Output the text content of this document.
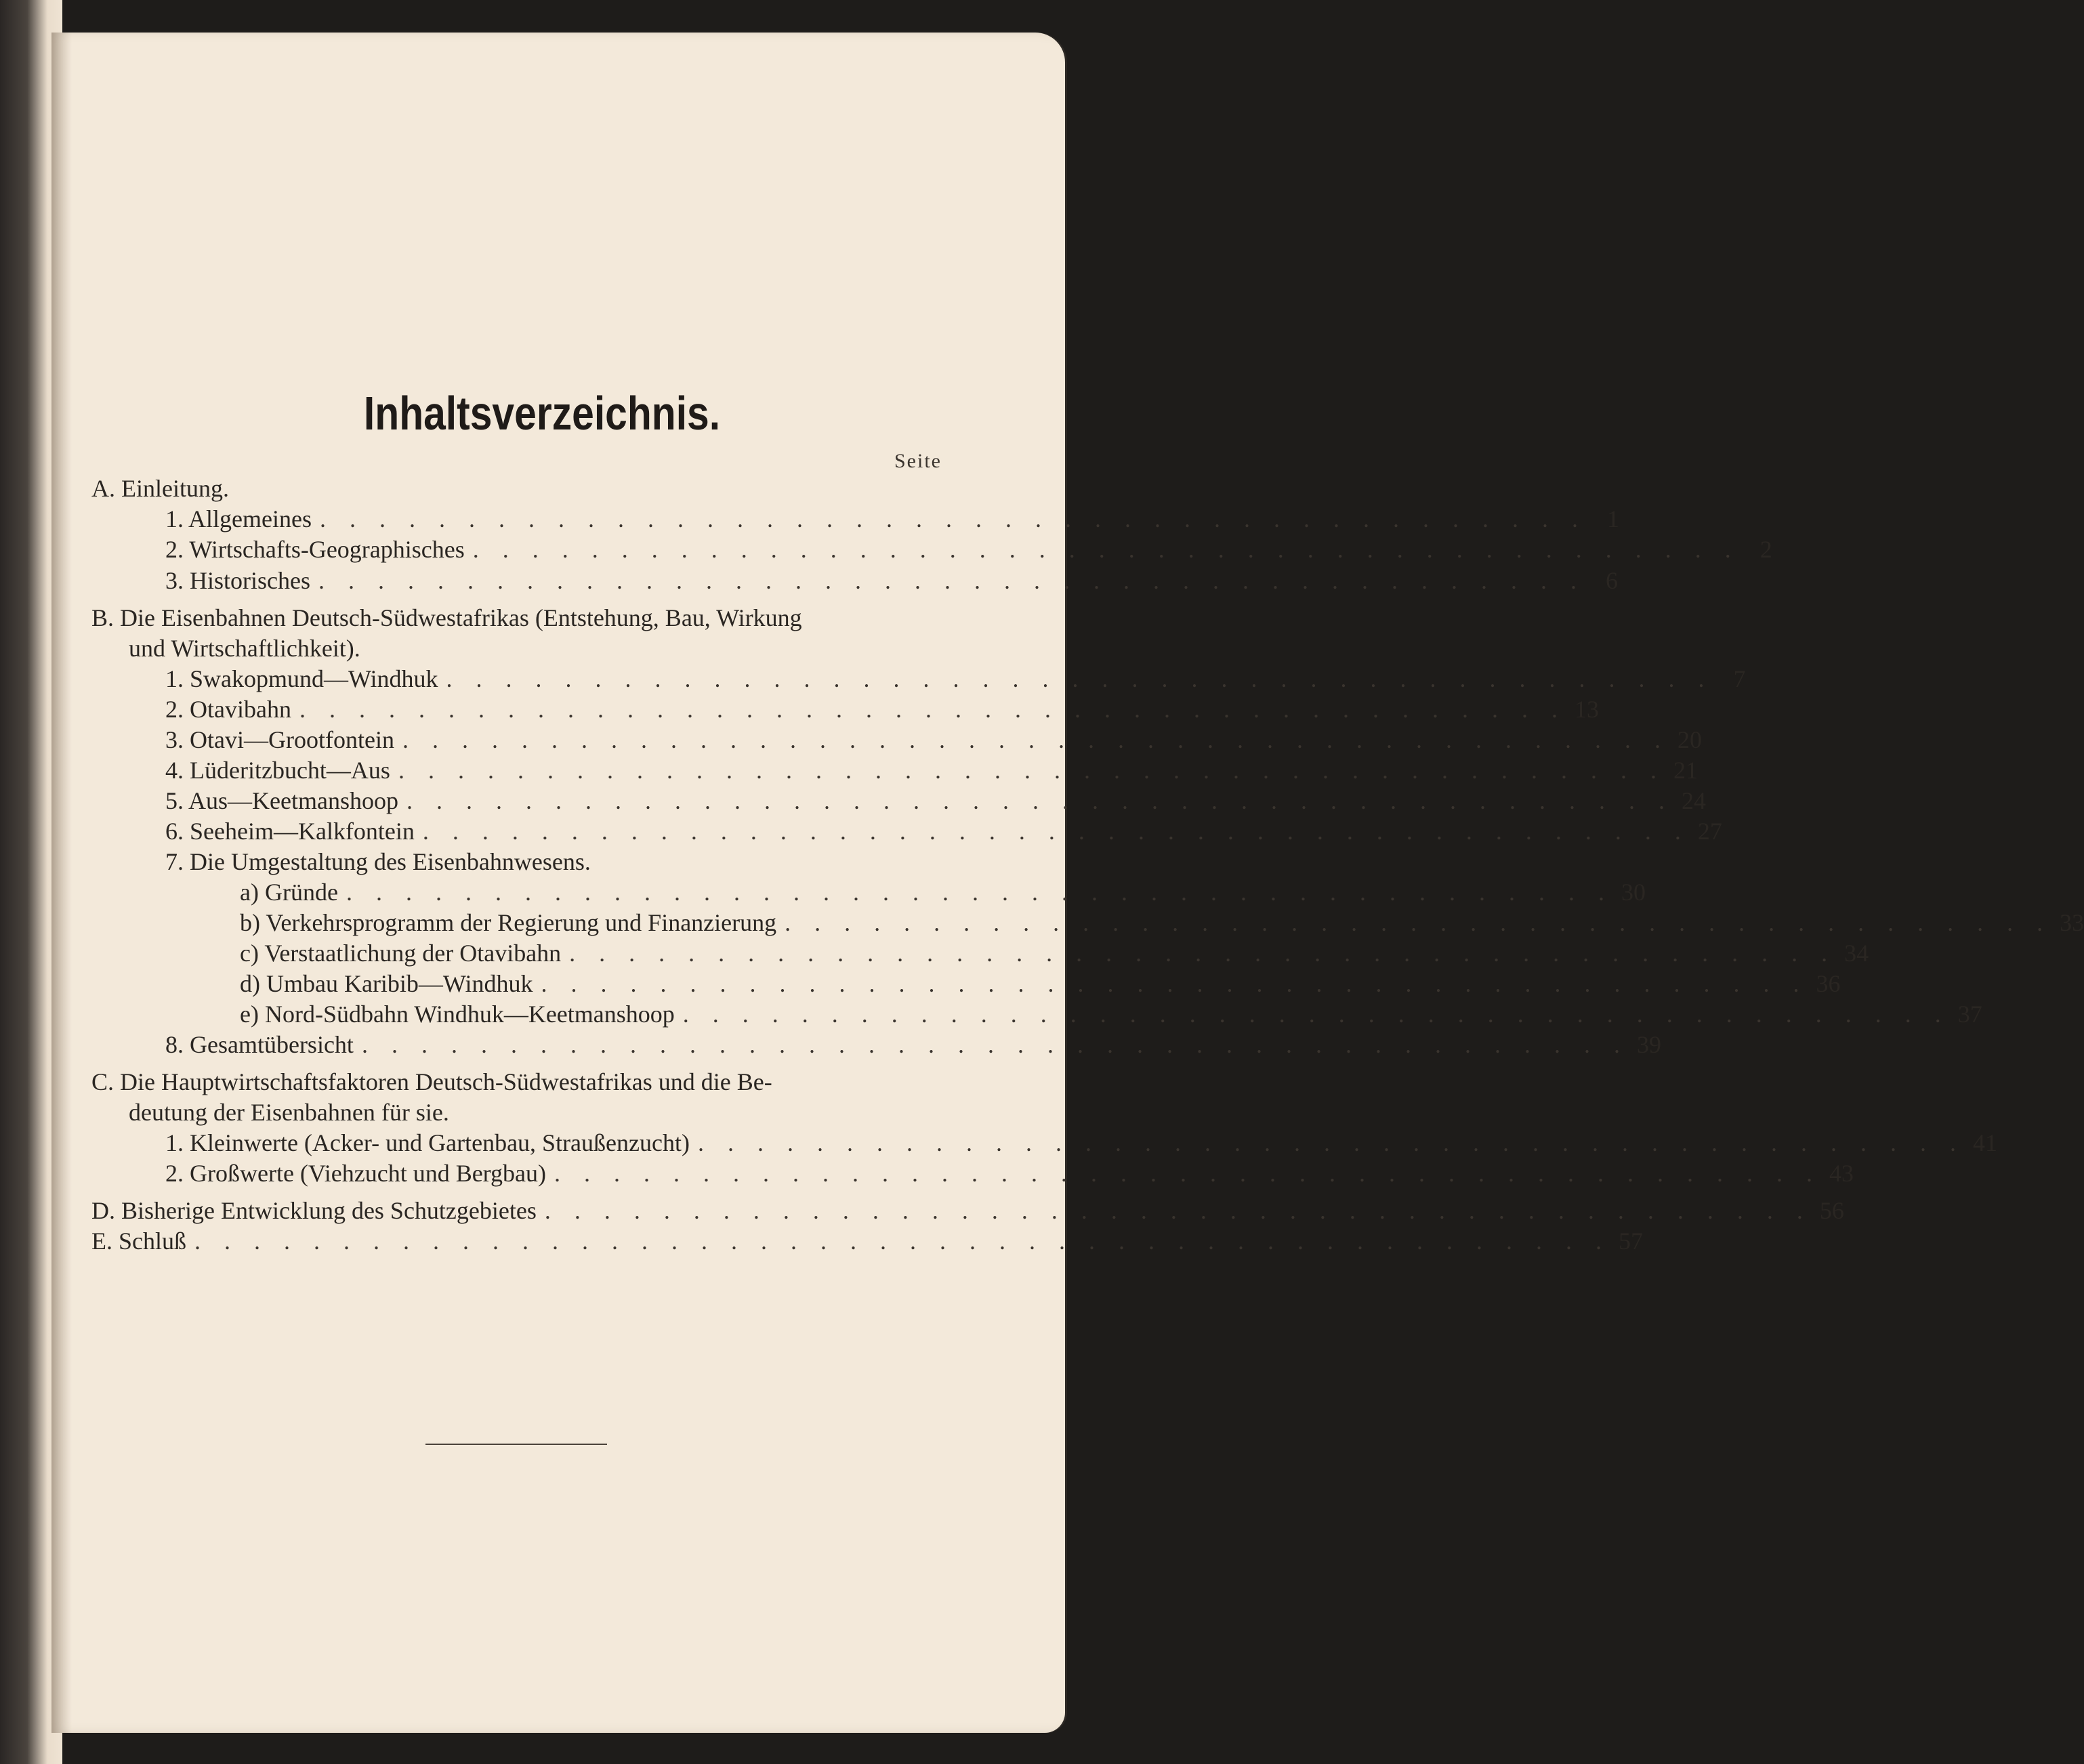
Inhaltsverzeichnis.
Seite
A. Einleitung.
1. Allgemeines . . . . . . . . . . . . . . . . . . . . . . . . . . . . . . . . . . . . . . . . . . . 1
2. Wirtschafts-Geographisches . . . . . . . . . . . . . . . . . . . . . . . . . . . . . . . . . . . . . . . . . . . 2
3. Historisches . . . . . . . . . . . . . . . . . . . . . . . . . . . . . . . . . . . . . . . . . . . 6
B. Die Eisenbahnen Deutsch-Südwestafrikas (Entstehung, Bau, Wirkung
und Wirtschaftlichkeit).
1. Swakopmund—Windhuk . . . . . . . . . . . . . . . . . . . . . . . . . . . . . . . . . . . . . . . . . . . 7
2. Otavibahn . . . . . . . . . . . . . . . . . . . . . . . . . . . . . . . . . . . . . . . . . . . 13
3. Otavi—Grootfontein . . . . . . . . . . . . . . . . . . . . . . . . . . . . . . . . . . . . . . . . . . . 20
4. Lüderitzbucht—Aus . . . . . . . . . . . . . . . . . . . . . . . . . . . . . . . . . . . . . . . . . . . 21
5. Aus—Keetmanshoop . . . . . . . . . . . . . . . . . . . . . . . . . . . . . . . . . . . . . . . . . . . 24
6. Seeheim—Kalkfontein . . . . . . . . . . . . . . . . . . . . . . . . . . . . . . . . . . . . . . . . . . . 27
7. Die Umgestaltung des Eisenbahnwesens.
a) Gründe . . . . . . . . . . . . . . . . . . . . . . . . . . . . . . . . . . . . . . . . . . . 30
b) Verkehrsprogramm der Regierung und Finanzierung . . . . . . . . . . . . . . . . . . . . . . . . . . . . . . . . . . . . . . . . . . . 33
c) Verstaatlichung der Otavibahn . . . . . . . . . . . . . . . . . . . . . . . . . . . . . . . . . . . . . . . . . . . 34
d) Umbau Karibib—Windhuk . . . . . . . . . . . . . . . . . . . . . . . . . . . . . . . . . . . . . . . . . . . 36
e) Nord-Südbahn Windhuk—Keetmanshoop . . . . . . . . . . . . . . . . . . . . . . . . . . . . . . . . . . . . . . . . . . . 37
8. Gesamtübersicht . . . . . . . . . . . . . . . . . . . . . . . . . . . . . . . . . . . . . . . . . . . 39
C. Die Hauptwirtschaftsfaktoren Deutsch-Südwestafrikas und die Be-
deutung der Eisenbahnen für sie.
1. Kleinwerte (Acker- und Gartenbau, Straußenzucht) . . . . . . . . . . . . . . . . . . . . . . . . . . . . . . . . . . . . . . . . . . . 41
2. Großwerte (Viehzucht und Bergbau) . . . . . . . . . . . . . . . . . . . . . . . . . . . . . . . . . . . . . . . . . . . 43
D. Bisherige Entwicklung des Schutzgebietes . . . . . . . . . . . . . . . . . . . . . . . . . . . . . . . . . . . . . . . . . . . 56
E. Schluß . . . . . . . . . . . . . . . . . . . . . . . . . . . . . . . . . . . . . . . . . . . . . . . . 57
